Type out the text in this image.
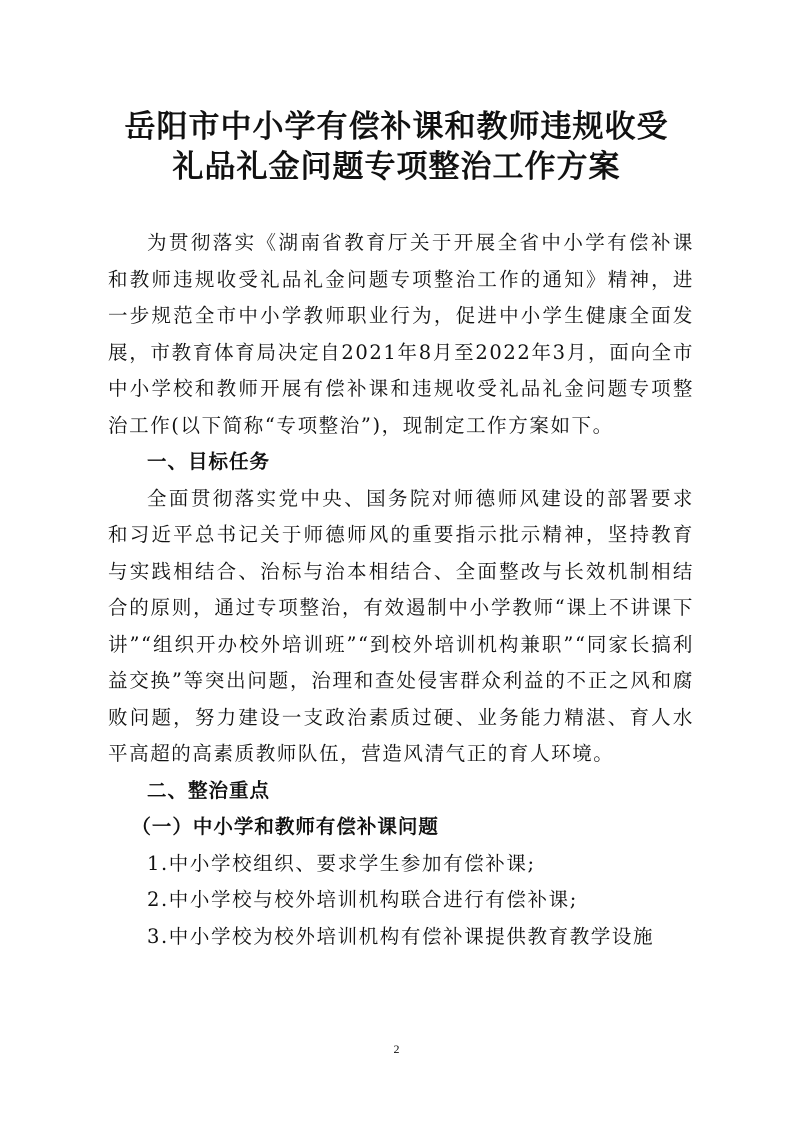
岳阳市中小学有偿补课和教师违规收受
礼品礼金问题专项整治工作方案

为贯彻落实《湖南省教育厅关于开展全省中小学有偿补课和教师违规收受礼品礼金问题专项整治工作的通知》精神，进一步规范全市中小学教师职业行为，促进中小学生健康全面发展，市教育体育局决定自2021年8月至2022年3月，面向全市中小学校和教师开展有偿补课和违规收受礼品礼金问题专项整治工作(以下简称“专项整治”)，现制定工作方案如下。

一、目标任务

全面贯彻落实党中央、国务院对师德师风建设的部署要求和习近平总书记关于师德师风的重要指示批示精神，坚持教育与实践相结合、治标与治本相结合、全面整改与长效机制相结合的原则，通过专项整治，有效遏制中小学教师“课上不讲课下讲”“组织开办校外培训班”“到校外培训机构兼职”“同家长搞利益交换”等突出问题，治理和查处侵害群众利益的不正之风和腐败问题，努力建设一支政治素质过硬、业务能力精湛、育人水平高超的高素质教师队伍，营造风清气正的育人环境。

二、整治重点

（一）中小学和教师有偿补课问题

1.中小学校组织、要求学生参加有偿补课;

2.中小学校与校外培训机构联合进行有偿补课;

3.中小学校为校外培训机构有偿补课提供教育教学设施

2
